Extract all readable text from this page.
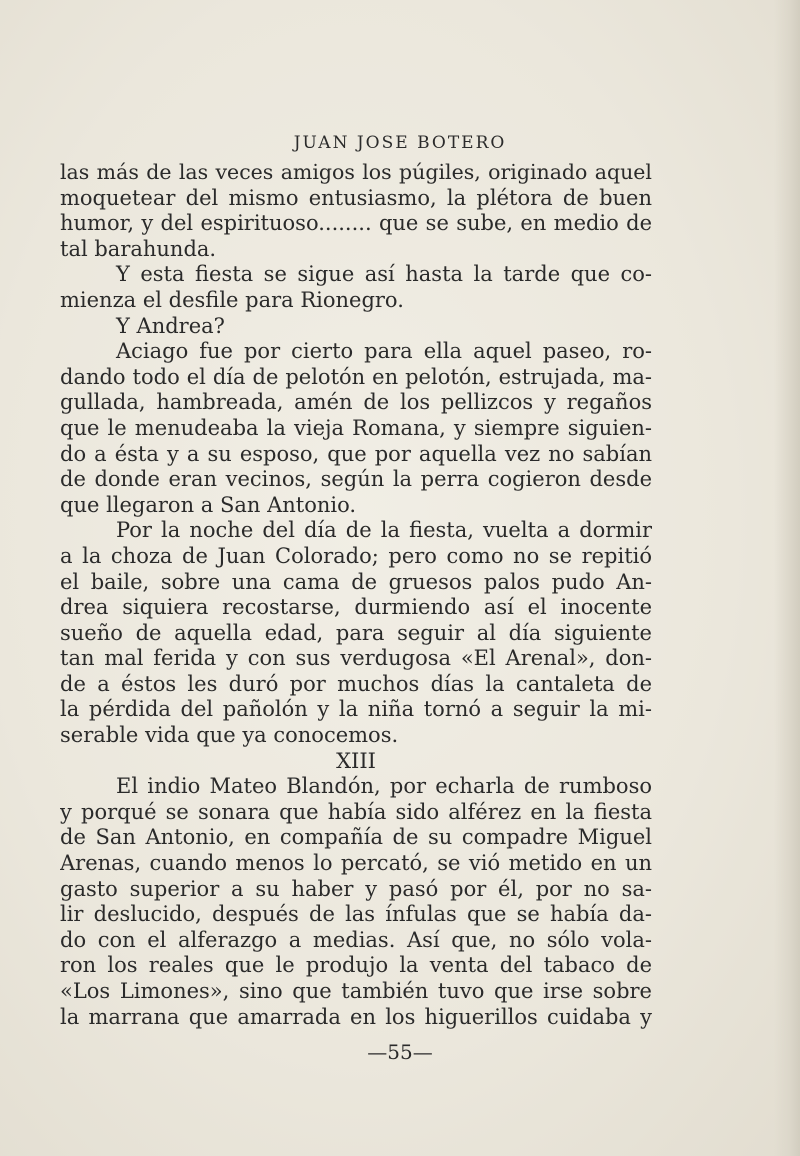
JUAN JOSE BOTERO
las más de las veces amigos los púgiles, originado aquel
moquetear del mismo entusiasmo, la plétora de buen
humor, y del espirituoso........ que se sube, en medio de
tal barahunda.
Y esta fiesta se sigue así hasta la tarde que co-
mienza el desfile para Rionegro.
Y Andrea?
Aciago fue por cierto para ella aquel paseo, ro-
dando todo el día de pelotón en pelotón, estrujada, ma-
gullada, hambreada, amén de los pellizcos y regaños
que le menudeaba la vieja Romana, y siempre siguien-
do a ésta y a su esposo, que por aquella vez no sabían
de donde eran vecinos, según la perra cogieron desde
que llegaron a San Antonio.
Por la noche del día de la fiesta, vuelta a dormir
a la choza de Juan Colorado; pero como no se repitió
el baile, sobre una cama de gruesos palos pudo An-
drea siquiera recostarse, durmiendo así el inocente
sueño de aquella edad, para seguir al día siguiente
tan mal ferida y con sus verdugosa «El Arenal», don-
de a éstos les duró por muchos días la cantaleta de
la pérdida del pañolón y la niña tornó a seguir la mi-
serable vida que ya conocemos.
XIII
El indio Mateo Blandón, por echarla de rumboso
y porqué se sonara que había sido alférez en la fiesta
de San Antonio, en compañía de su compadre Miguel
Arenas, cuando menos lo percató, se vió metido en un
gasto superior a su haber y pasó por él, por no sa-
lir deslucido, después de las ínfulas que se había da-
do con el alferazgo a medias. Así que, no sólo vola-
ron los reales que le produjo la venta del tabaco de
«Los Limones», sino que también tuvo que irse sobre
la marrana que amarrada en los higuerillos cuidaba y
—55—
